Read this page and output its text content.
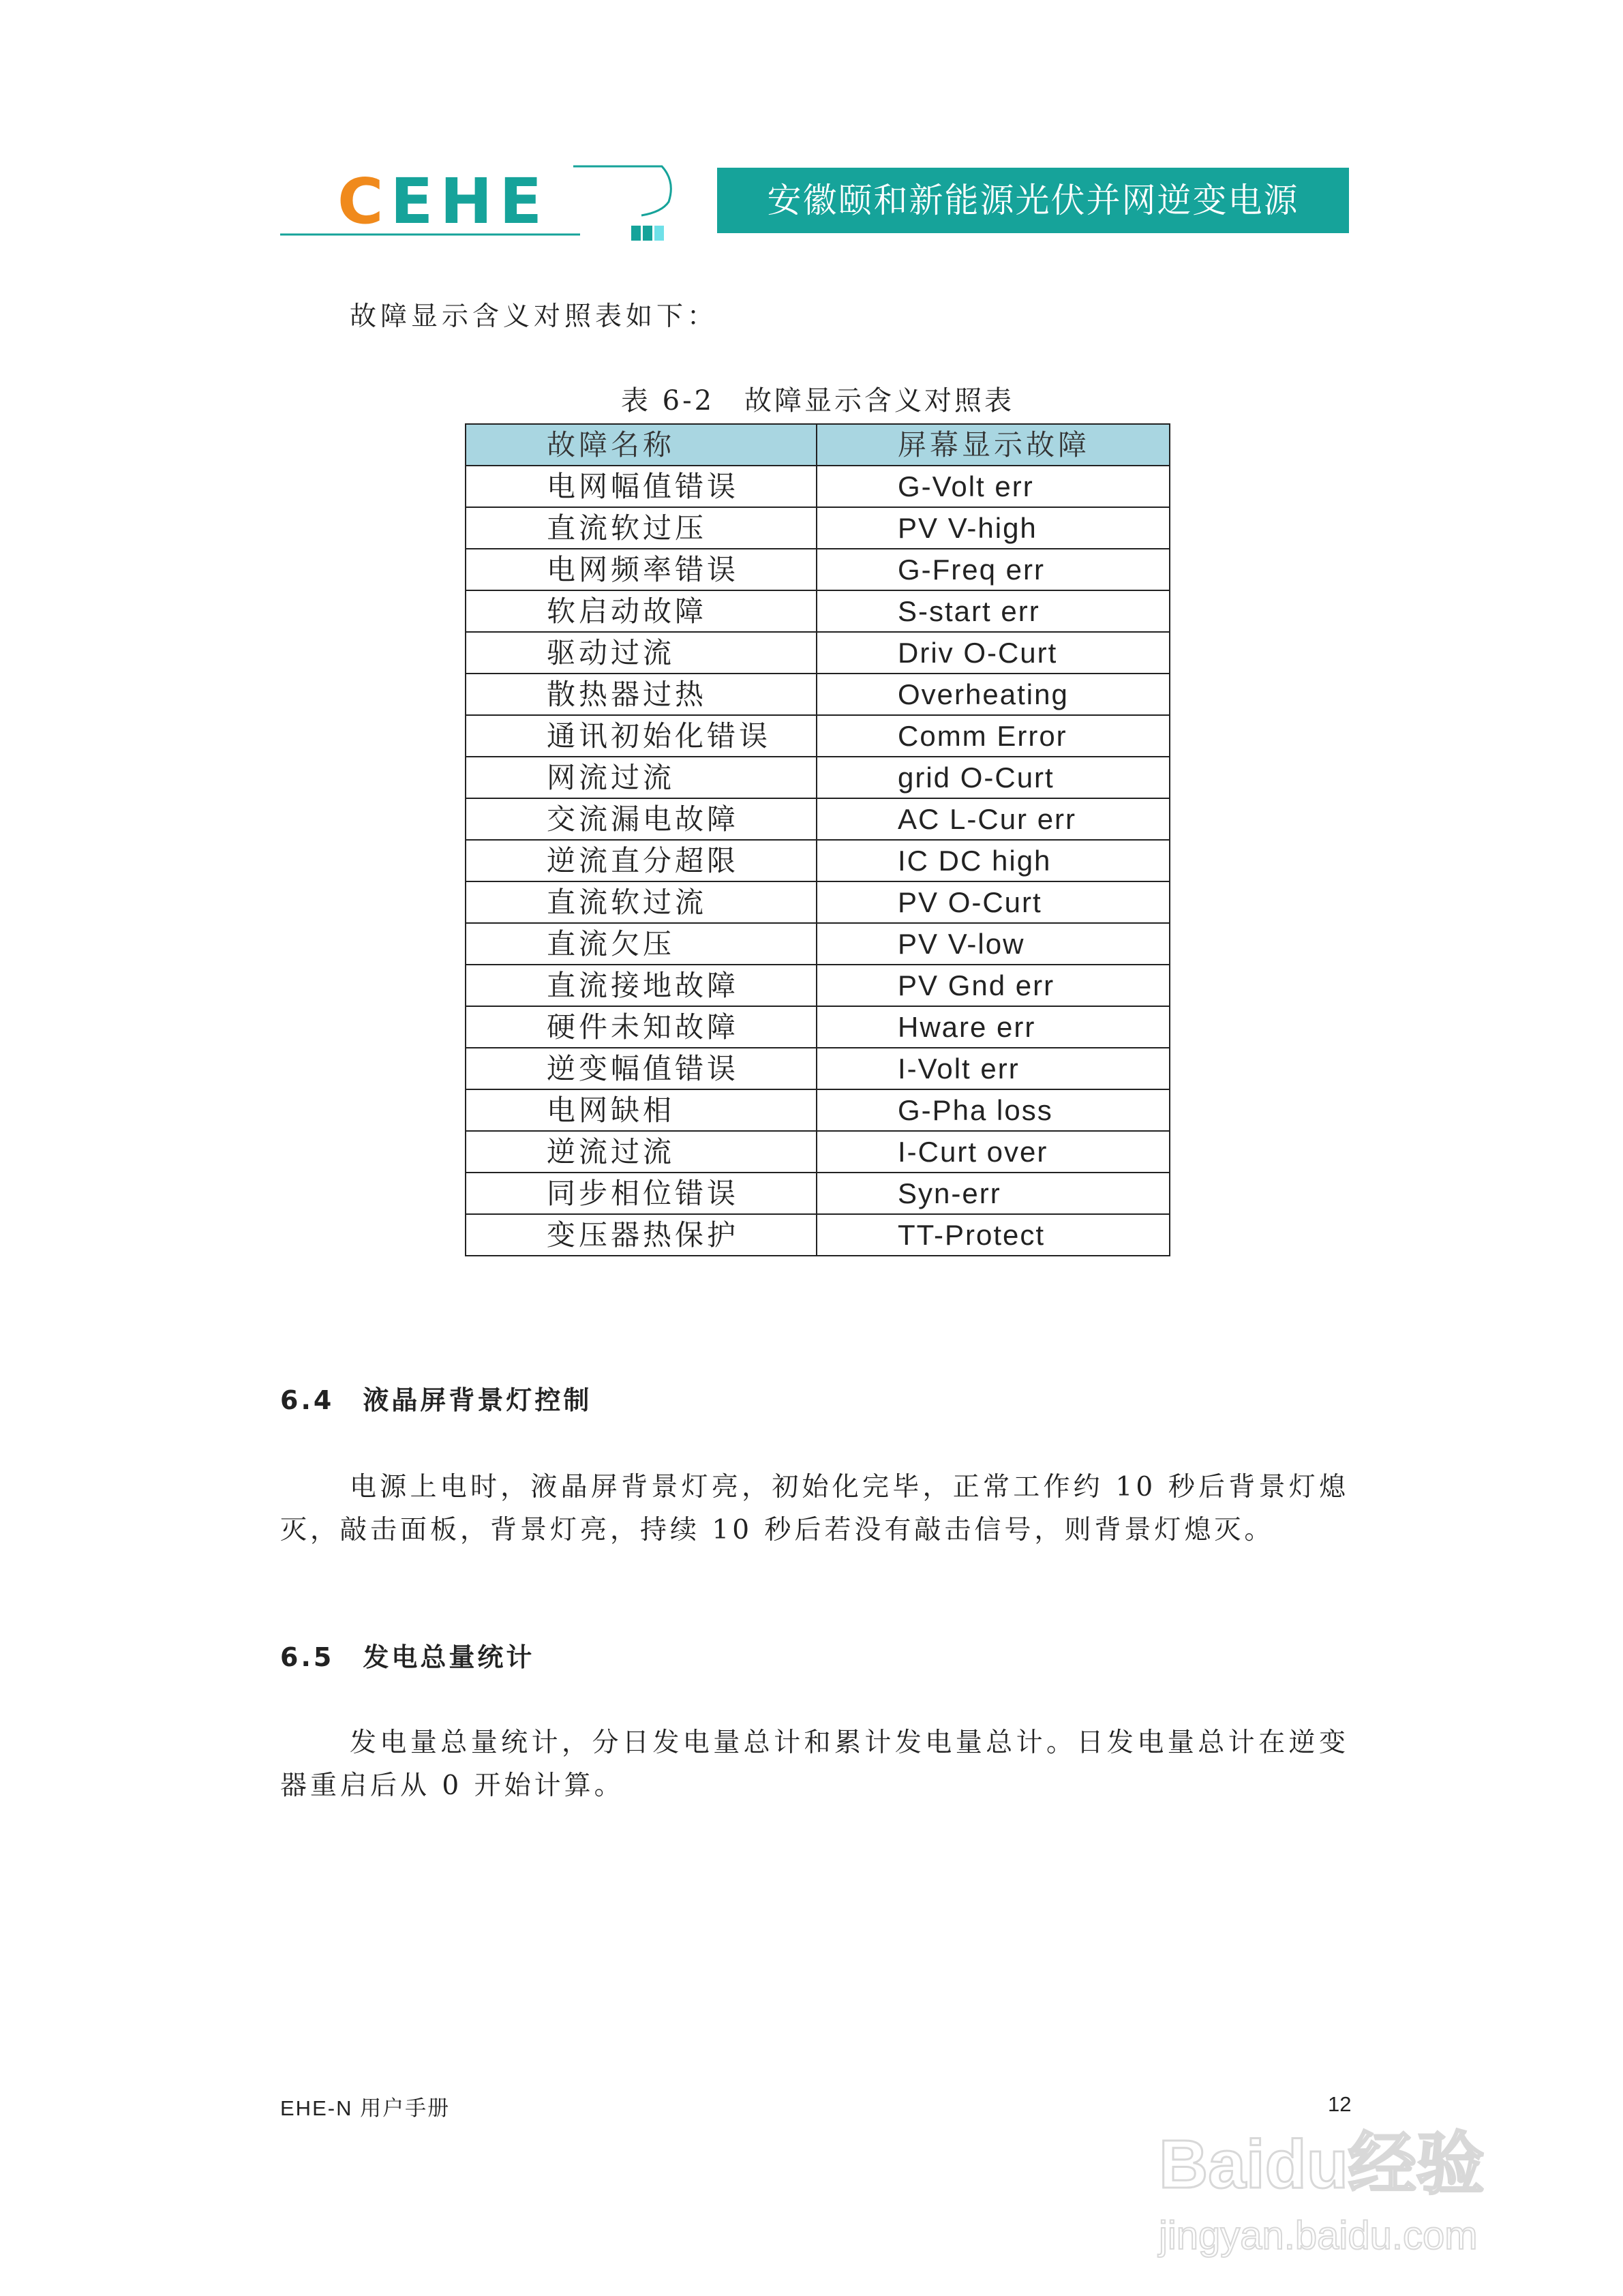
CEHE	安徽颐和新能源光伏并网逆变电源
故障显示含义对照表如下：
表 6-2　故障显示含义对照表
故障名称	屏幕显示故障
电网幅值错误	G-Volt err
直流软过压	PV V-high
电网频率错误	G-Freq err
软启动故障	S-start err
驱动过流	Driv O-Curt
散热器过热	Overheating
通讯初始化错误	Comm Error
网流过流	grid O-Curt
交流漏电故障	AC L-Cur err
逆流直分超限	IC DC high
直流软过流	PV O-Curt
直流欠压	PV V-low
直流接地故障	PV Gnd err
硬件未知故障	Hware err
逆变幅值错误	I-Volt err
电网缺相	G-Pha loss
逆流过流	I-Curt over
同步相位错误	Syn-err
变压器热保护	TT-Protect
6.4　液晶屏背景灯控制
电源上电时，液晶屏背景灯亮，初始化完毕，正常工作约 10 秒后背景灯熄灭，敲击面板，背景灯亮，持续 10 秒后若没有敲击信号，则背景灯熄灭。
6.5　发电总量统计
发电量总量统计，分日发电量总计和累计发电量总计。日发电量总计在逆变器重启后从 0 开始计算。
EHE-N 用户手册
Baidu经验
jingyan.baidu.com
12
